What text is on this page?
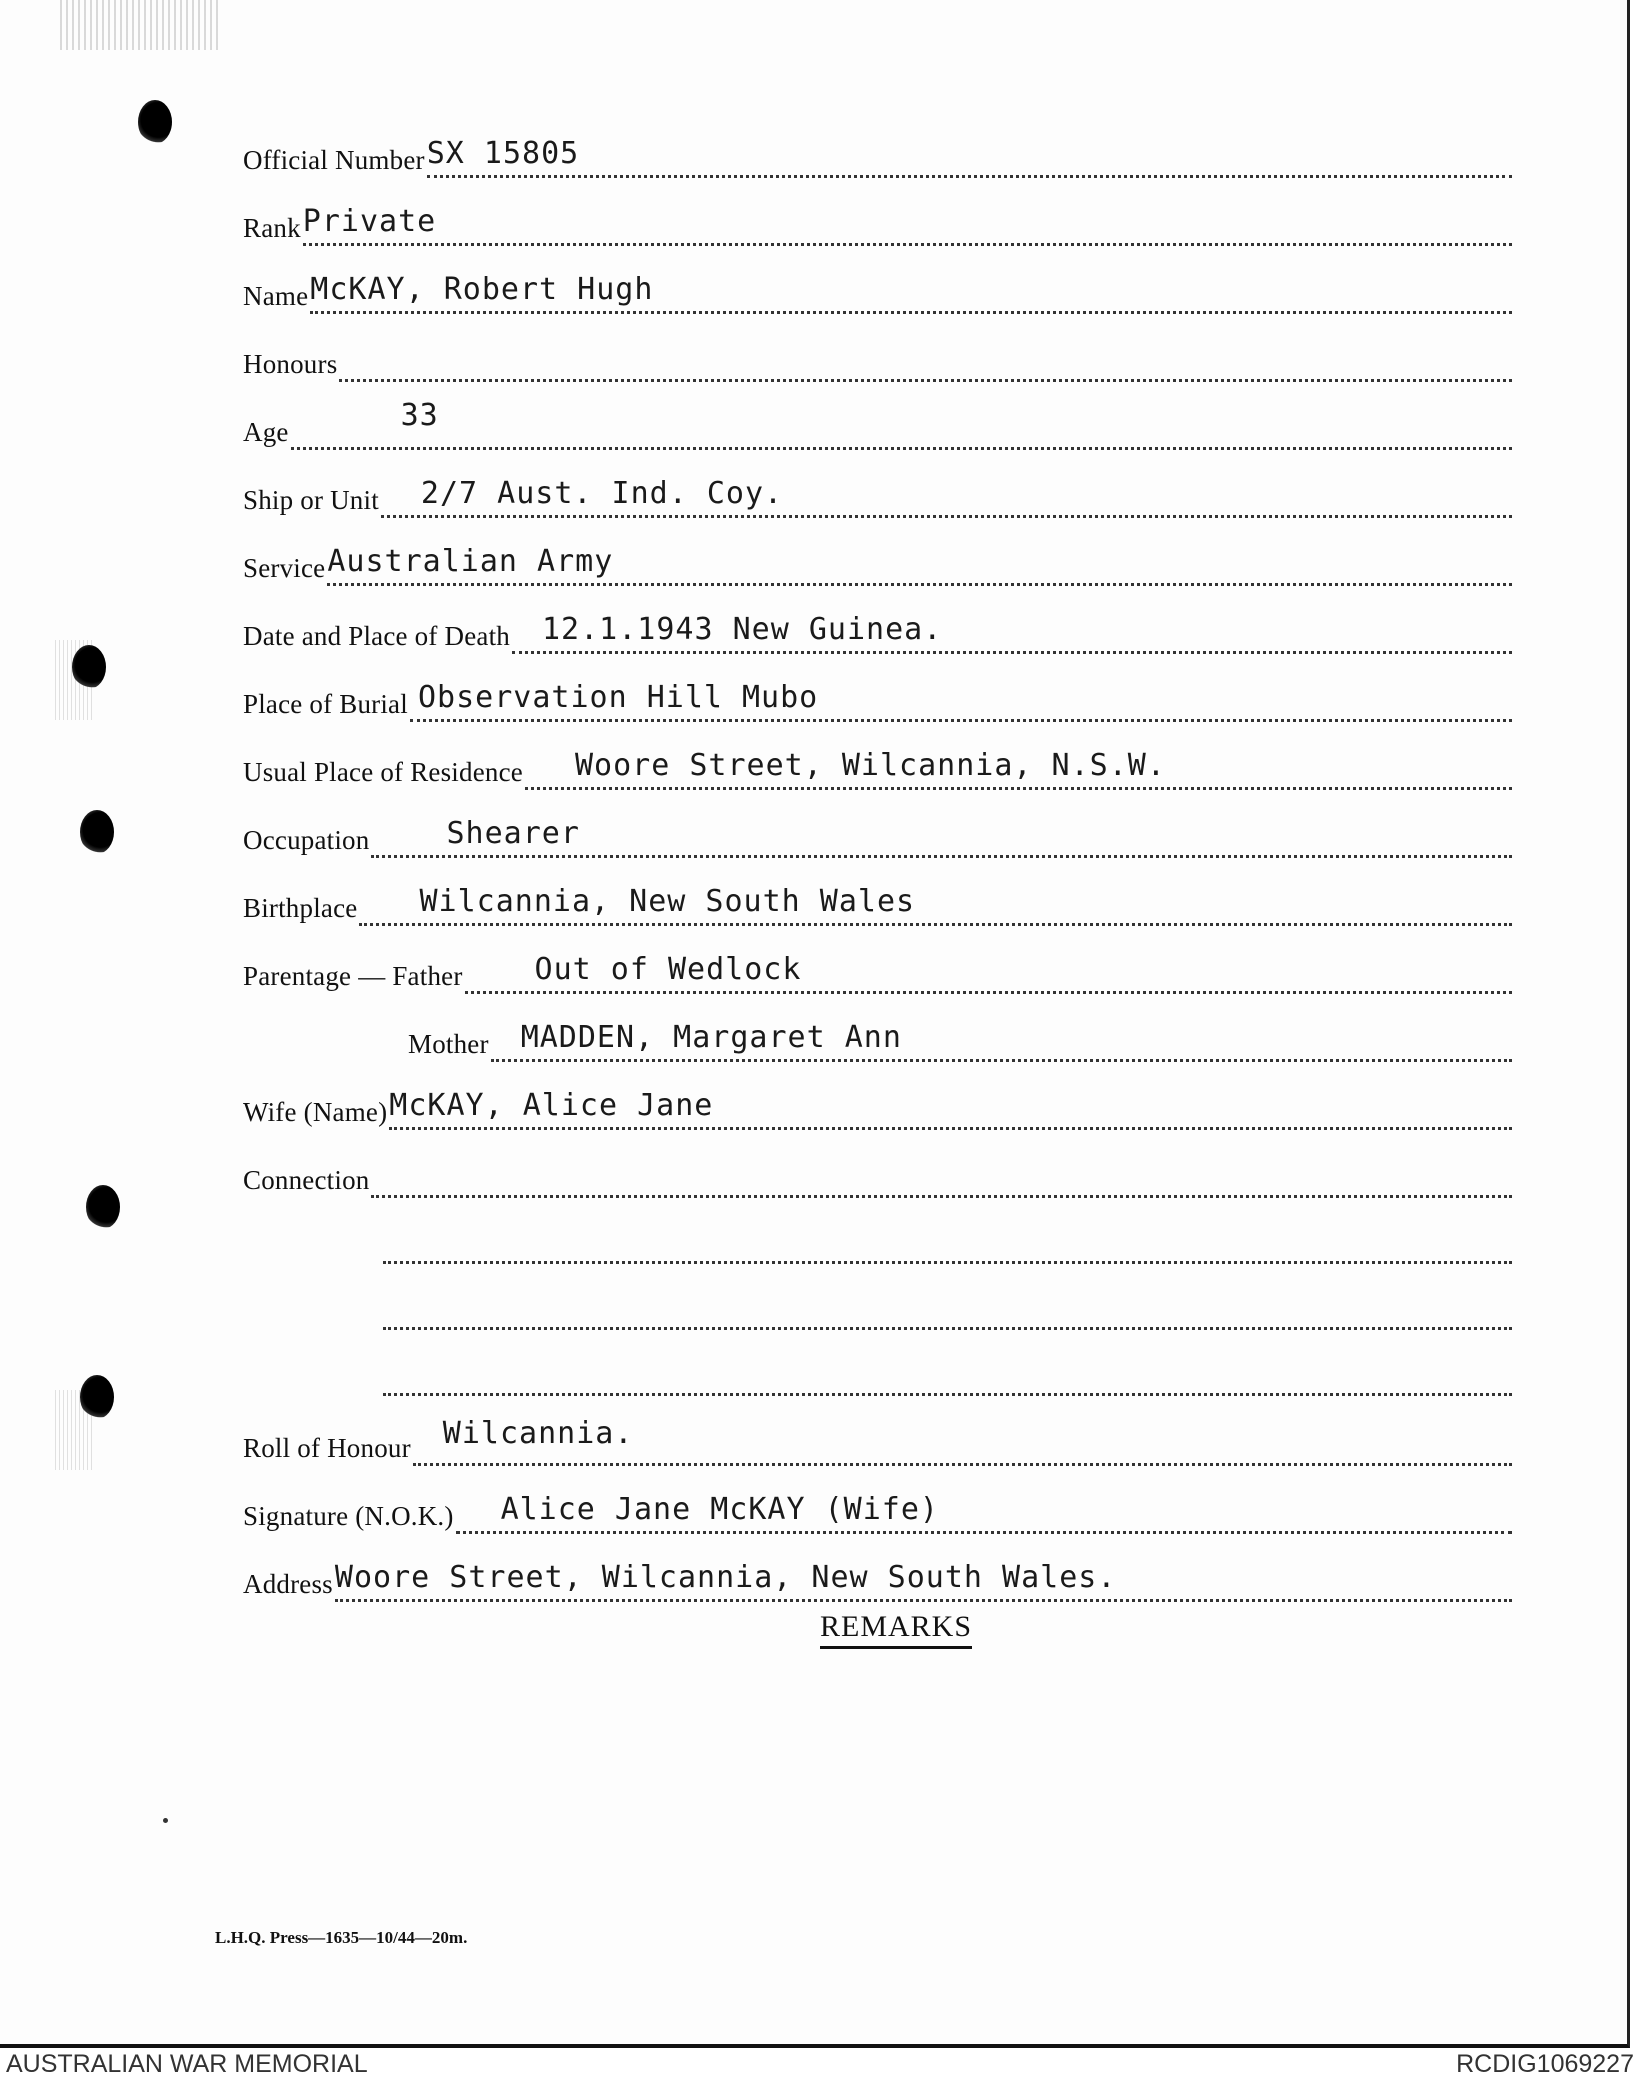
Official Number SX 15805
Rank Private
Name McKAY, Robert Hugh
Honours
Age	33
Ship or Unit 2/7 Aust. Ind. Coy.
Service Australian Army
Date and Place of Death 12.1.1943 New Guinea.
Place of Burial Observation Hill Mubo
Usual Place of Residence Woore Street, Wilcannia, N.S.W.
Occupation	Shearer
Birthplace Wilcannia, New South Wales
Parentage — Father Out of Wedlock
Mother MADDEN, Margaret Ann
Wife (Name) McKAY, Alice Jane
Connection
Roll of Honour Wilcannia.
Signature (N.O.K.) Alice Jane McKAY (Wife)
Address Woore Street, Wilcannia, New South Wales.
REMARKS
L.H.Q. Press—1635—10/44—20m.
AUSTRALIAN WAR MEMORIAL	RCDIG1069227
